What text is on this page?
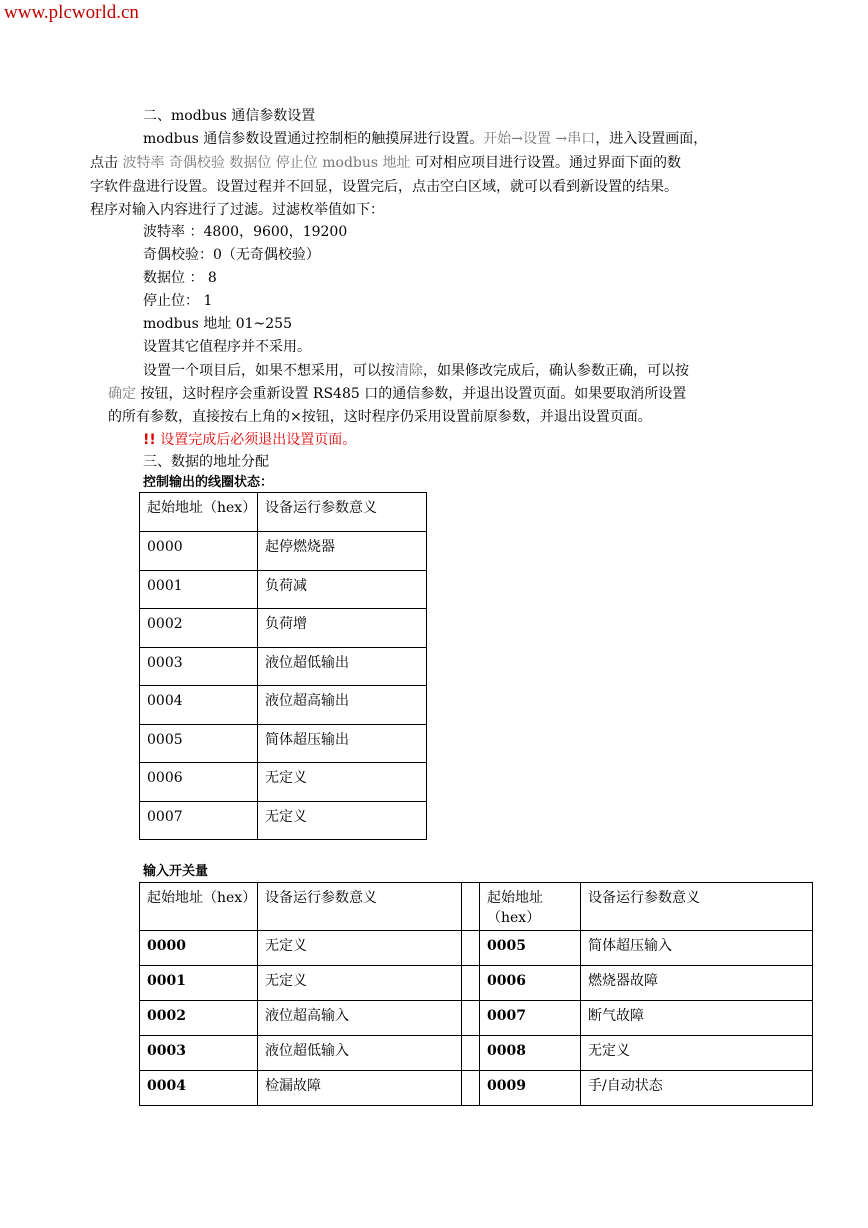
www.plcworld.cn
二、modbus 通信参数设置
modbus 通信参数设置通过控制柜的触摸屏进行设置。开始→设置 →串口，进入设置画面，
点击 波特率 奇偶校验 数据位 停止位 modbus 地址 可对相应项目进行设置。通过界面下面的数
字软件盘进行设置。设置过程并不回显，设置完后，点击空白区域，就可以看到新设置的结果。
程序对输入内容进行了过滤。过滤枚举值如下：
波特率 ：4800，9600，19200
奇偶校验：0（无奇偶校验）
数据位 ： 8
停止位： 1
modbus 地址 01~255
设置其它值程序并不采用。
设置一个项目后，如果不想采用，可以按清除，如果修改完成后，确认参数正确，可以按
确定 按钮，这时程序会重新设置 RS485 口的通信参数，并退出设置页面。如果要取消所设置
的所有参数，直接按右上角的×按钮，这时程序仍采用设置前原参数，并退出设置页面。
!! 设置完成后必须退出设置页面。
三、数据的地址分配
控制输出的线圈状态：
起始地址（hex）	设备运行参数意义
0000	起停燃烧器
0001	负荷减
0002	负荷增
0003	液位超低输出
0004	液位超高输出
0005	简体超压输出
0006	无定义
0007	无定义
输入开关量
起始地址（hex）	设备运行参数意义		起始地址（hex）	设备运行参数意义
0000	无定义		0005	简体超压输入
0001	无定义		0006	燃烧器故障
0002	液位超高输入		0007	断气故障
0003	液位超低输入		0008	无定义
0004	检漏故障		0009	手/自动状态
